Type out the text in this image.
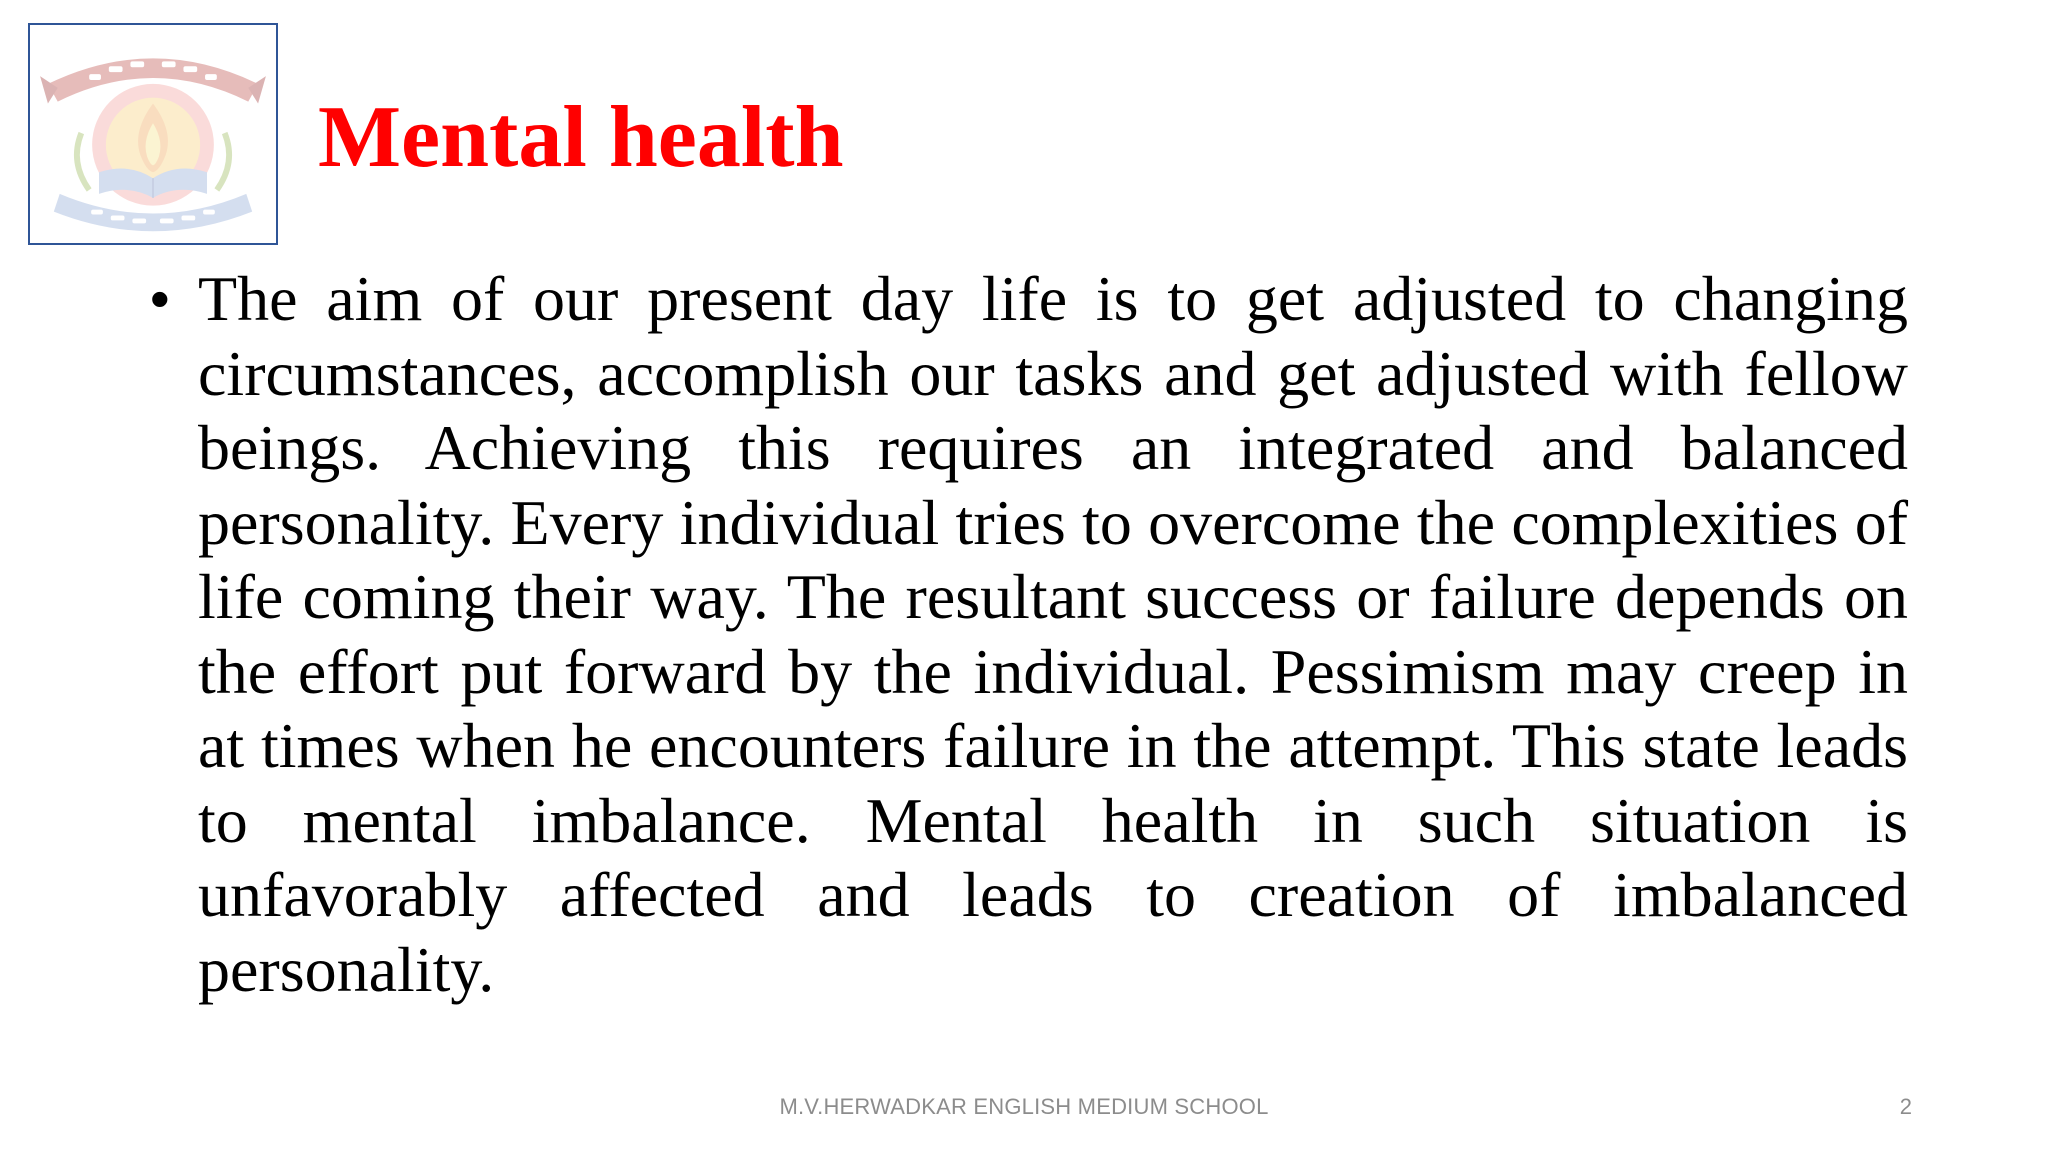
Mental health
• The aim of our present day life is to get adjusted to changing circumstances, accomplish our tasks and get adjusted with fellow beings. Achieving this requires an integrated and balanced personality. Every individual tries to overcome the complexities of life coming their way. The resultant success or failure depends on the effort put forward by the individual. Pessimism may creep in at times when he encounters failure in the attempt. This state leads to mental imbalance. Mental health in such situation is unfavorably affected and leads to creation of imbalanced personality.

M.V.HERWADKAR ENGLISH MEDIUM SCHOOL	2
